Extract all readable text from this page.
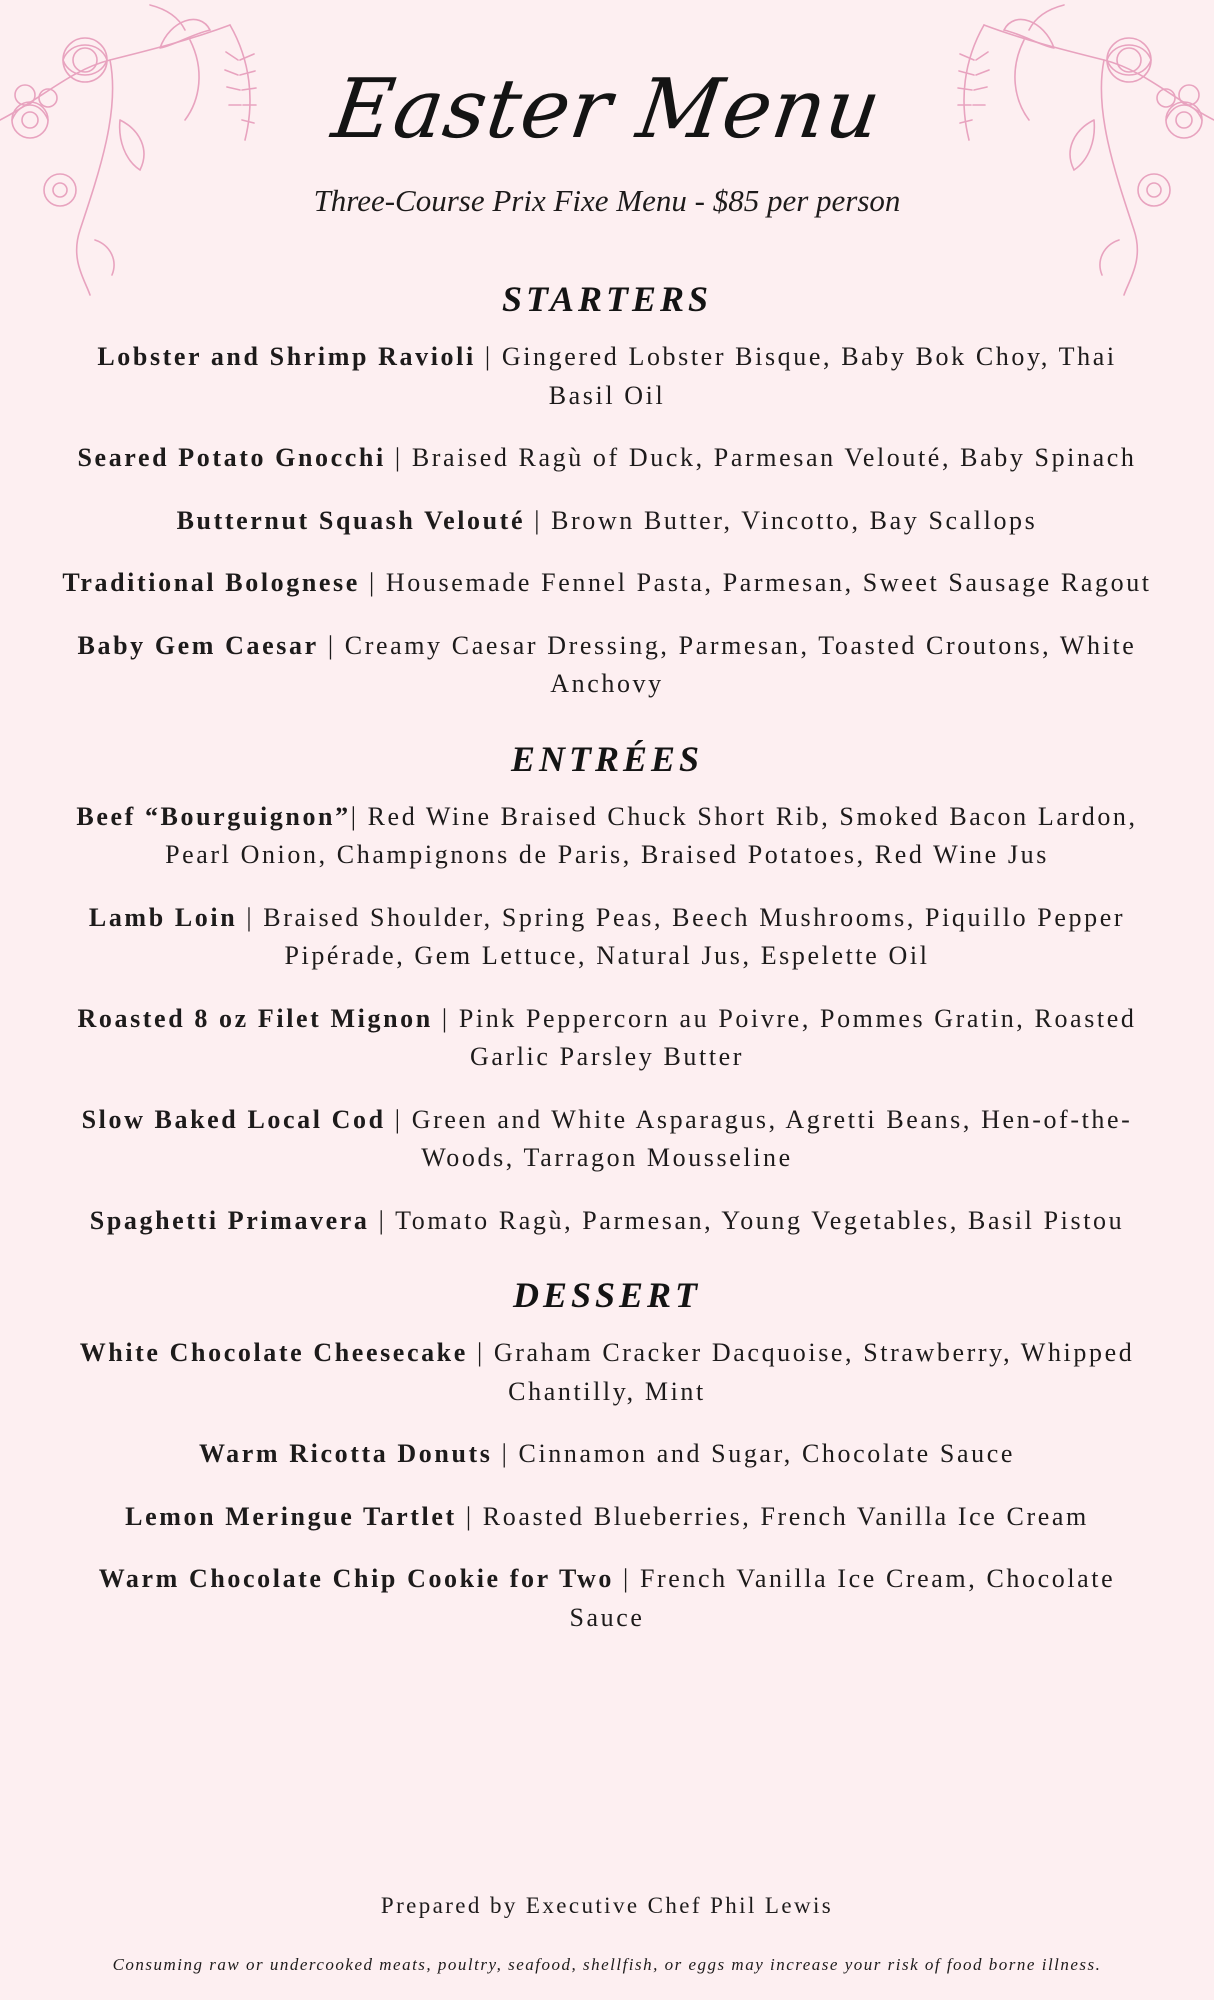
Easter Menu

Three-Course Prix Fixe Menu - $85 per person

STARTERS

Lobster and Shrimp Ravioli | Gingered Lobster Bisque, Baby Bok Choy, Thai Basil Oil

Seared Potato Gnocchi | Braised Ragù of Duck, Parmesan Velouté, Baby Spinach

Butternut Squash Velouté | Brown Butter, Vincotto, Bay Scallops

Traditional Bolognese | Housemade Fennel Pasta, Parmesan, Sweet Sausage Ragout

Baby Gem Caesar | Creamy Caesar Dressing, Parmesan, Toasted Croutons, White Anchovy

ENTRÉES

Beef “Bourguignon”| Red Wine Braised Chuck Short Rib, Smoked Bacon Lardon, Pearl Onion, Champignons de Paris, Braised Potatoes, Red Wine Jus

Lamb Loin | Braised Shoulder, Spring Peas, Beech Mushrooms, Piquillo Pepper Pipérade, Gem Lettuce, Natural Jus, Espelette Oil

Roasted 8 oz Filet Mignon | Pink Peppercorn au Poivre, Pommes Gratin, Roasted Garlic Parsley Butter

Slow Baked Local Cod | Green and White Asparagus, Agretti Beans, Hen-of-the-Woods, Tarragon Mousseline

Spaghetti Primavera | Tomato Ragù, Parmesan, Young Vegetables, Basil Pistou

DESSERT

White Chocolate Cheesecake | Graham Cracker Dacquoise, Strawberry, Whipped Chantilly, Mint

Warm Ricotta Donuts | Cinnamon and Sugar, Chocolate Sauce

Lemon Meringue Tartlet | Roasted Blueberries, French Vanilla Ice Cream

Warm Chocolate Chip Cookie for Two | French Vanilla Ice Cream, Chocolate Sauce

Prepared by Executive Chef Phil Lewis

Consuming raw or undercooked meats, poultry, seafood, shellfish, or eggs may increase your risk of food borne illness.
